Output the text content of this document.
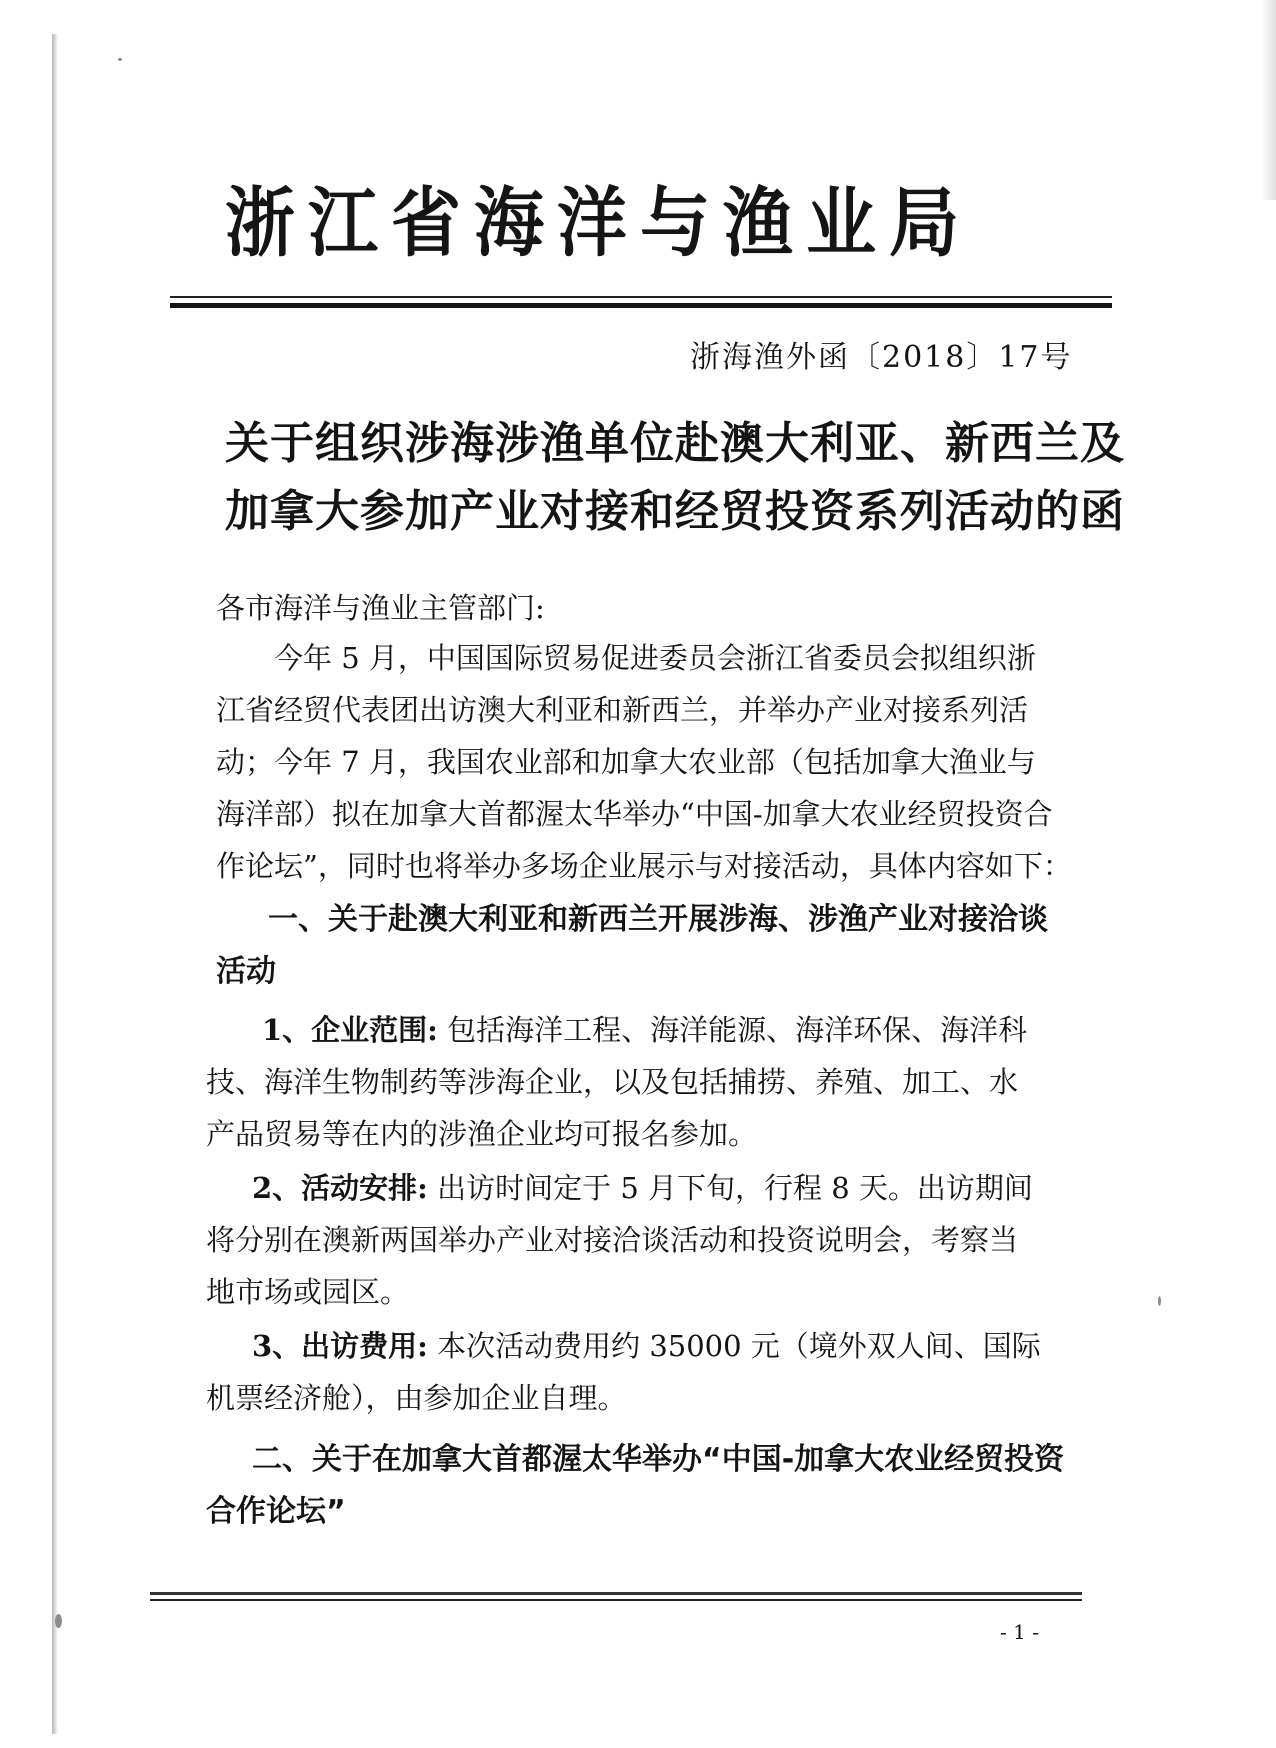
浙江省海洋与渔业局
浙海渔外函〔2018〕17号
关于组织涉海涉渔单位赴澳大利亚、新西兰及
加拿大参加产业对接和经贸投资系列活动的函
各市海洋与渔业主管部门:
今年 5 月，中国国际贸易促进委员会浙江省委员会拟组织浙
江省经贸代表团出访澳大利亚和新西兰，并举办产业对接系列活
动；今年 7 月，我国农业部和加拿大农业部（包括加拿大渔业与
海洋部）拟在加拿大首都渥太华举办“中国-加拿大农业经贸投资合
作论坛”，同时也将举办多场企业展示与对接活动，具体内容如下：
一、关于赴澳大利亚和新西兰开展涉海、涉渔产业对接洽谈
活动
1、企业范围: 包括海洋工程、海洋能源、海洋环保、海洋科
技、海洋生物制药等涉海企业，以及包括捕捞、养殖、加工、水
产品贸易等在内的涉渔企业均可报名参加。
2、活动安排: 出访时间定于 5 月下旬，行程 8 天。出访期间
将分别在澳新两国举办产业对接洽谈活动和投资说明会，考察当
地市场或园区。
3、出访费用: 本次活动费用约 35000 元（境外双人间、国际
机票经济舱），由参加企业自理。
二、关于在加拿大首都渥太华举办“中国-加拿大农业经贸投资
合作论坛”
- 1 -
